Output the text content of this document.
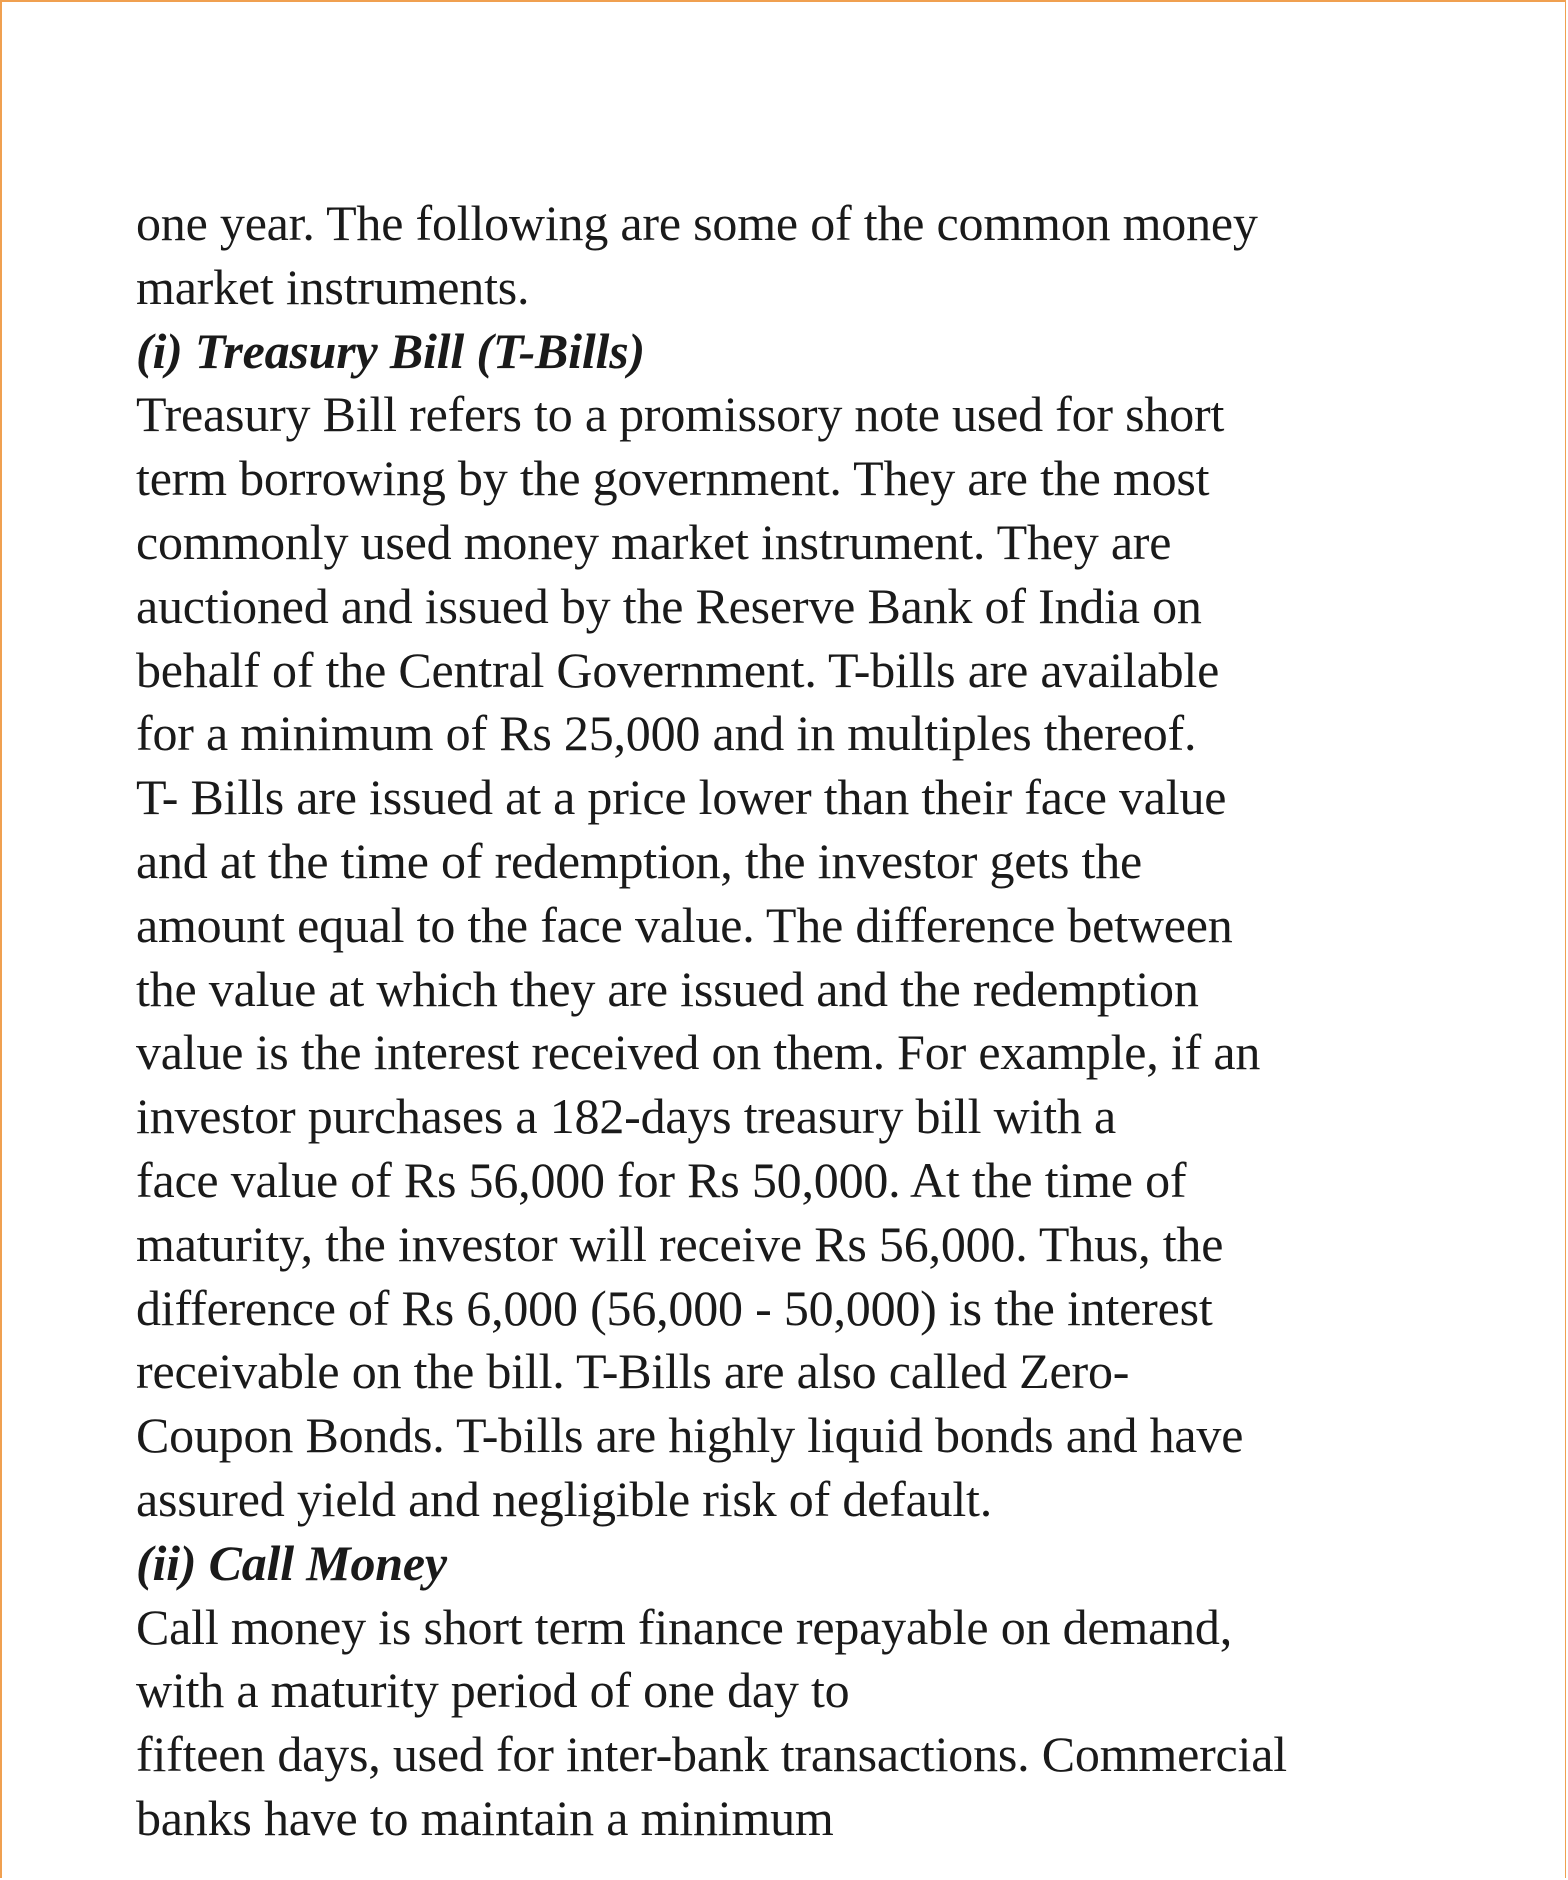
one year. The following are some of the common money
market instruments.
(i) Treasury Bill (T-Bills)
Treasury Bill refers to a promissory note used for short
term borrowing by the government. They are the most
commonly used money market instrument. They are
auctioned and issued by the Reserve Bank of India on
behalf of the Central Government. T-bills are available
for a minimum of Rs 25,000 and in multiples thereof.
T- Bills are issued at a price lower than their face value
and at the time of redemption, the investor gets the
amount equal to the face value. The difference between
the value at which they are issued and the redemption
value is the interest received on them. For example, if an
investor purchases a 182-days treasury bill with a
face value of Rs 56,000 for Rs 50,000. At the time of
maturity, the investor will receive Rs 56,000. Thus, the
difference of Rs 6,000 (56,000 - 50,000) is the interest
receivable on the bill. T-Bills are also called Zero-
Coupon Bonds. T-bills are highly liquid bonds and have
assured yield and negligible risk of default.
(ii) Call Money
Call money is short term finance repayable on demand,
with a maturity period of one day to
fifteen days, used for inter-bank transactions. Commercial
banks have to maintain a minimum
